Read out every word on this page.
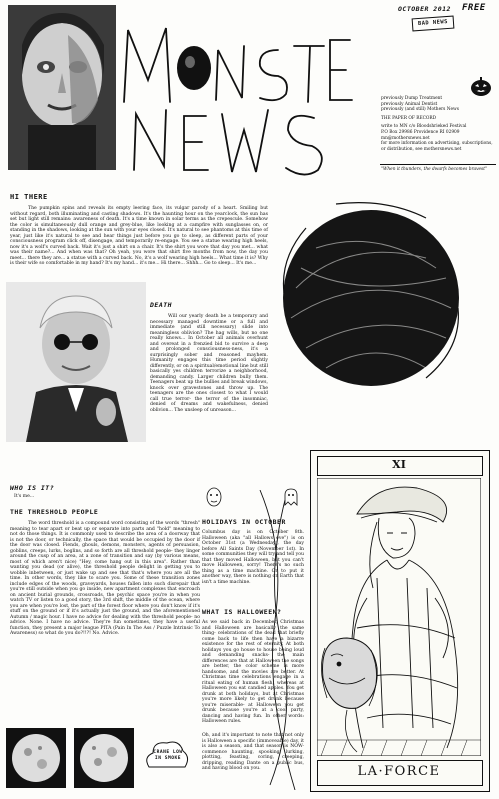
OCTOBER 2012 FREE
BAD NEWS
previously Dump Treatment
previously Animal Dentist
previously (and still) Mothers News
THE PAPER OF RECORD
write to MN c/o Bloodshrieked Festival
P.O Box 29986 Providence RI 02909
mn@mothersnews.net
for more information on advertising, subscriptions,
or distribution, see mothersnews.net
"When it thunders, the dwarfs becomes bravest"
HI THERE
The pumpkin spins and reveals its empty leering face, its vulgar parody of a heart. Smiling but without regard, both illuminating and casting shadows. It's the haunting hour on the yearclock, the sun has set but light still remains: awareness of death. It's a time known in solar terms as the crepescule. Somehow the color is simultaneously dull orange and grey-blue, like looking at a campfire with sunglasses on, or standing in the shadows, looking at the sun with your eyes closed. It's natural to see phantoms at this time of year, just like it's natural to see and hear things just before you go to sleep, as different parts of your consciousness program click off, disengage, and temporarily re-engage. You see a statue wearing high heels, now it's a wolf's curved back. Wait it's just a shirt on a chair. It's the shirt you wore that day you met... what was their name?... And when was that? Oh yeah, you wore that shirt five months from now, the day you meet... there they are... a statue with a curved back. No, it's a wolf wearing high heels... What time it is? Why is their wife so comfortable in my hand? It's my hand... it's me... Hi there... Shhh... Go to sleep... It's me...
DEATH
Will our yearly death be a temporary and necessary managed downtime or a full and immediate (and still necessary) slide into meaningless oblivion? The hag wills, but no one really knows... In October all animals overhunt and overeat in a frenzied bid to survive a deep and prolonged consciousness-ness, it's a surprisingly sober and reasoned mayhem. Humanity engages this time period slightly differently, or on a spiritual/emotional line but still basically yes children terrorize a neighborhood, demanding candy. Larger children bully them. Teenagers beat up the bullies and break windows, knock over gravestones and throw up. The teenagers are the ones closest to what I would call true terror- the terror of the insomniac, denied of dreams and wakefulness, denied oblivion... The unsleep of unreason...
WHO IS IT?
It's me...
THE THRESHOLD PEOPLE
The word threshold is a compound word consisting of the words "thresh" meaning to tear apart or beat up or separate into parts and "hold" meaning to not do those things. It is commonly used to describe the area of a doorway that is not the door, or technically, the space that would be occupied by the door if the door was closed. Fiends, ghouls, demons, monsters, agents of persuasion, goblins, creeps, lurks, boglins, and so forth are all threshold people- they linger around the cusp of an area, at a zone of transition and say (by various means, most of which aren't nice) "Hey, come hang out in this area". Rather than wanting you dead (or alive), the threshold people delight in getting you to wobble inbetween, or just wake up and see that that's where you are all the time. In other words, they like to scare you. Some of these transition zones include edges of the woods, graveyards, houses fallen into such disrepair that you're still outside when you go inside, new apartment complexes that encroach on ancient burial grounds, crossroads, the psychic space you're in when you watch TV or listen to a good story, the 3rd shift, the middle of the ocean, where you are when you're lost, the part of the forest floor where you don't know if it's stuff on the ground or if it's actually just the ground, and the aforementioned Autumn / magic hour. I have no advice for dealing with the threshold people- no advice. None. I have no advice. They're fun sometimes, they have a useful function, they present a major league PITA (Pain In The Ass / Puzzle Intrinsic To Awareness) so what do you do?!!?! No. Advice.
HOLIDAYS IN OCTOBER
Columbus day is on October 8th. Halloween (aka "all Hallows eve") is on October 31st (a Wednesday), the day before All Saints Day (November 1st). In some communities they will try and tell you that they moved Halloween, but you can't move Halloween, sorry! There's no such thing as a time machine. Or to put it another way, there is nothing on Earth that isn't a time machine.
WHAT IS HALLOWEEN?
As we said back in December, Christmas and Halloween are basically the same thing- celebrations of the dead that briefly come back to life then have a bizarre existence for the rest of eternity. At both holidays you go house to house being loud and demanding snacks- the main differences are that at Halloween the songs are better, the color scheme is more handsome, and the movies are better. At Christmas time celebrations engage in a ritual eating of human flesh, whereas at Halloween you eat candied apples. You get drunk at both holidays, but at Christmas you're more likely to get drunk because you're miserable- at Halloween you get drunk because you're at a cool party, dancing and having fun. In other words: Halloween rules.
Oh, and it's important to note that not only is Halloween a specific (immoveable) day, it is also a season, and that season is NOW- commence haunting, spooking, lurking, plotting, feasting, coring, creeping, dripping, reading Dante on a public bus, and having blood on you.
XI
LA·FORCE
CRANE LOW IN SMOKE
